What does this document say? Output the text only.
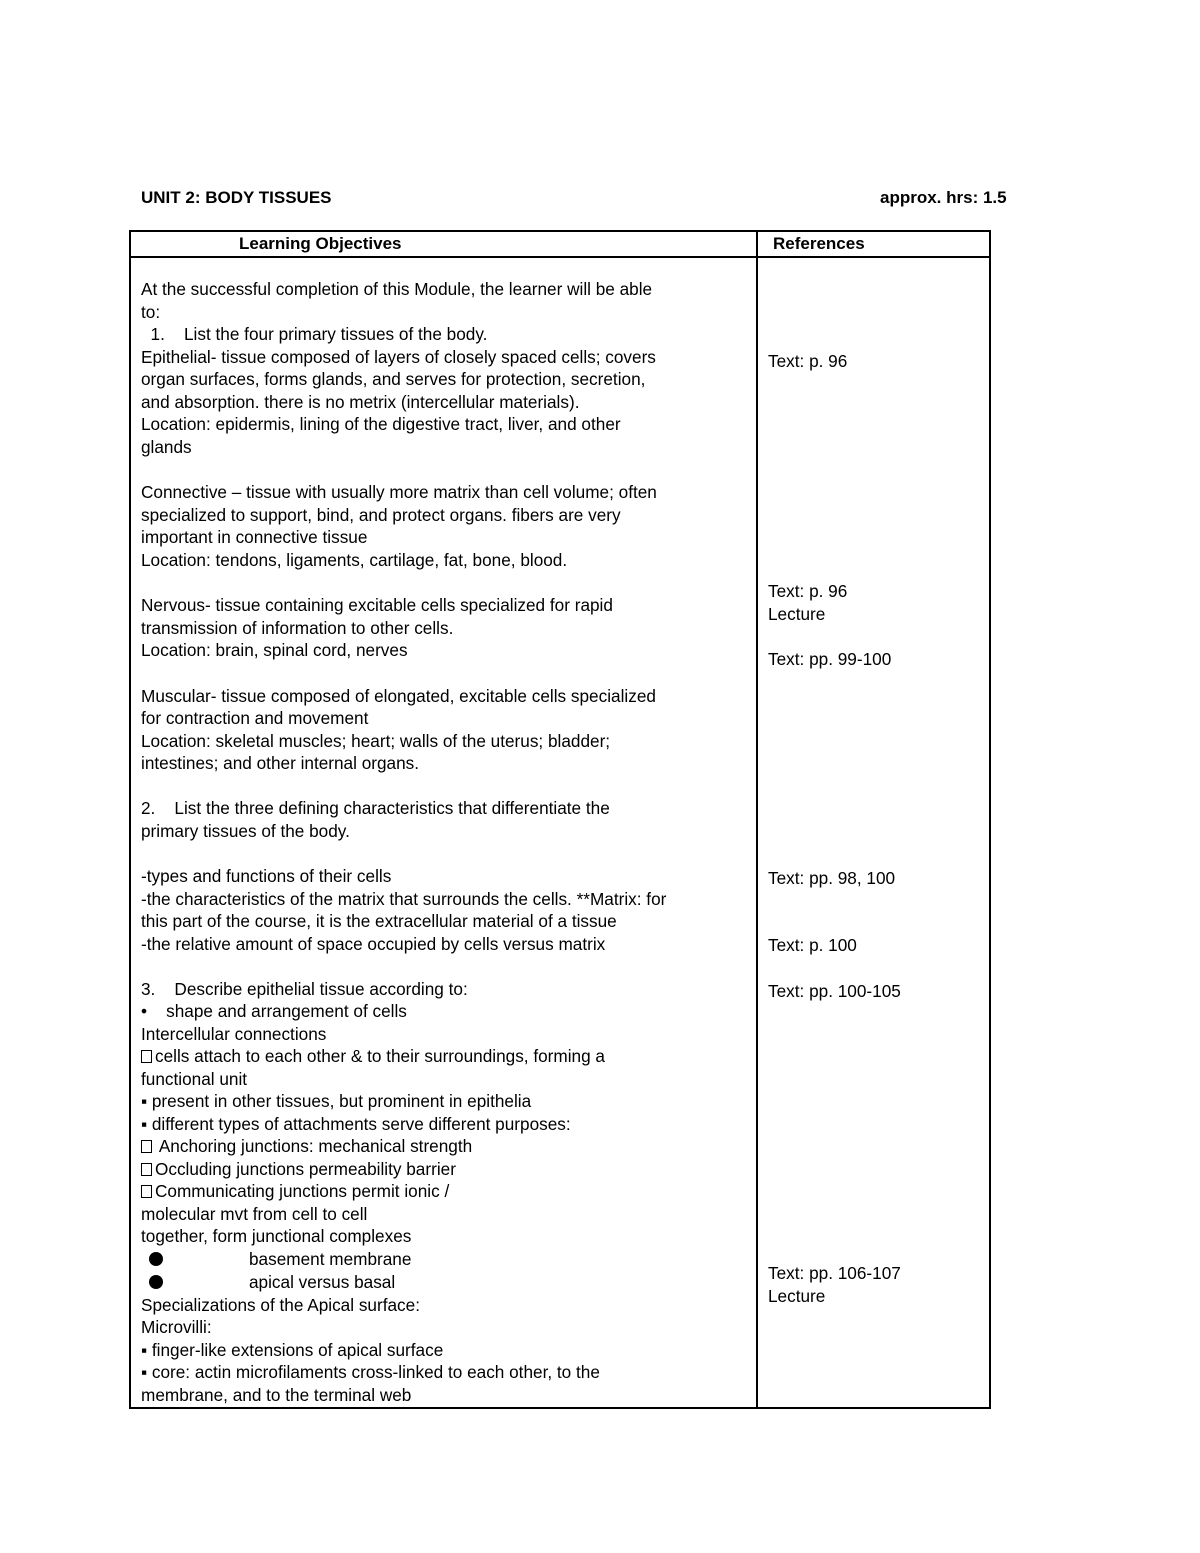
UNIT 2: BODY TISSUES	approx. hrs: 1.5
Learning Objectives	References
At the successful completion of this Module, the learner will be able
to:
1.    List the four primary tissues of the body.
Epithelial- tissue composed of layers of closely spaced cells; covers
organ surfaces, forms glands, and serves for protection, secretion,
and absorption. there is no metrix (intercellular materials).
Location: epidermis, lining of the digestive tract, liver, and other
glands
Connective – tissue with usually more matrix than cell volume; often
specialized to support, bind, and protect organs. fibers are very
important in connective tissue
Location: tendons, ligaments, cartilage, fat, bone, blood.
Nervous- tissue containing excitable cells specialized for rapid
transmission of information to other cells.
Location: brain, spinal cord, nerves
Muscular- tissue composed of elongated, excitable cells specialized
for contraction and movement
Location: skeletal muscles; heart; walls of the uterus; bladder;
intestines; and other internal organs.
2.    List the three defining characteristics that differentiate the
primary tissues of the body.
-types and functions of their cells
-the characteristics of the matrix that surrounds the cells. **Matrix: for
this part of the course, it is the extracellular material of a tissue
-the relative amount of space occupied by cells versus matrix
3.    Describe epithelial tissue according to:
•    shape and arrangement of cells
Intercellular connections
cells attach to each other & to their surroundings, forming a
functional unit
▪ present in other tissues, but prominent in epithelia
▪ different types of attachments serve different purposes:
Anchoring junctions: mechanical strength
Occluding junctions permeability barrier
Communicating junctions permit ionic /
molecular mvt from cell to cell
together, form junctional complexes
basement membrane
apical versus basal
Specializations of the Apical surface:
Microvilli:
▪ finger-like extensions of apical surface
▪ core: actin microfilaments cross-linked to each other, to the
membrane, and to the terminal web
Text: p. 96
Text: p. 96
Lecture
Text: pp. 99-100
Text: pp. 98, 100
Text: p. 100
Text: pp. 100-105
Text: pp. 106-107
Lecture
